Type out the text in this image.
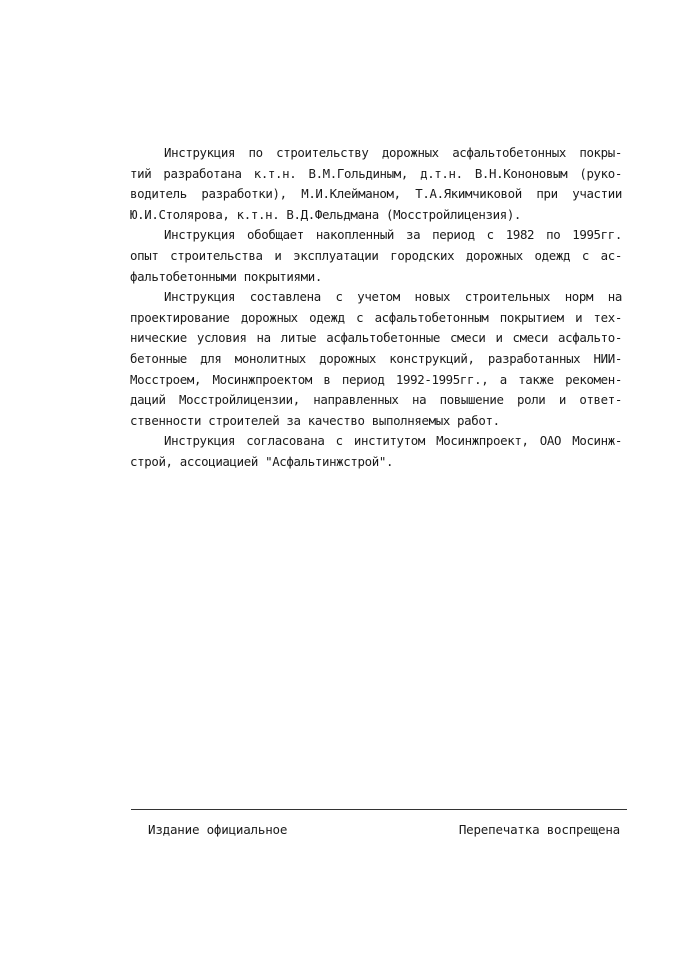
Инструкция по строительству дорожных асфальтобетонных покры-
тий разработана к.т.н. В.М.Гольдиным, д.т.н. В.Н.Кононовым (руко-
водитель разработки), М.И.Клейманом, Т.А.Якимчиковой при участии
Ю.И.Столярова, к.т.н. В.Д.Фельдмана (Мосстройлицензия).
Инструкция обобщает накопленный за период с 1982 по 1995гг.
опыт строительства и эксплуатации городских дорожных одежд с ас-
фальтобетонными покрытиями.
Инструкция составлена с учетом новых строительных норм на
проектирование дорожных одежд с асфальтобетонным покрытием и тех-
нические условия на литые асфальтобетонные смеси и смеси асфальто-
бетонные для монолитных дорожных конструкций, разработанных НИИ-
Мосстроем, Мосинжпроектом в период 1992-1995гг., а также рекомен-
даций Мосстройлицензии, направленных на повышение роли и ответ-
ственности строителей за качество выполняемых работ.
Инструкция согласована с институтом Мосинжпроект, ОАО Мосинж-
строй, ассоциацией "Асфальтинжстрой".
Издание официальное	Перепечатка воспрещена
